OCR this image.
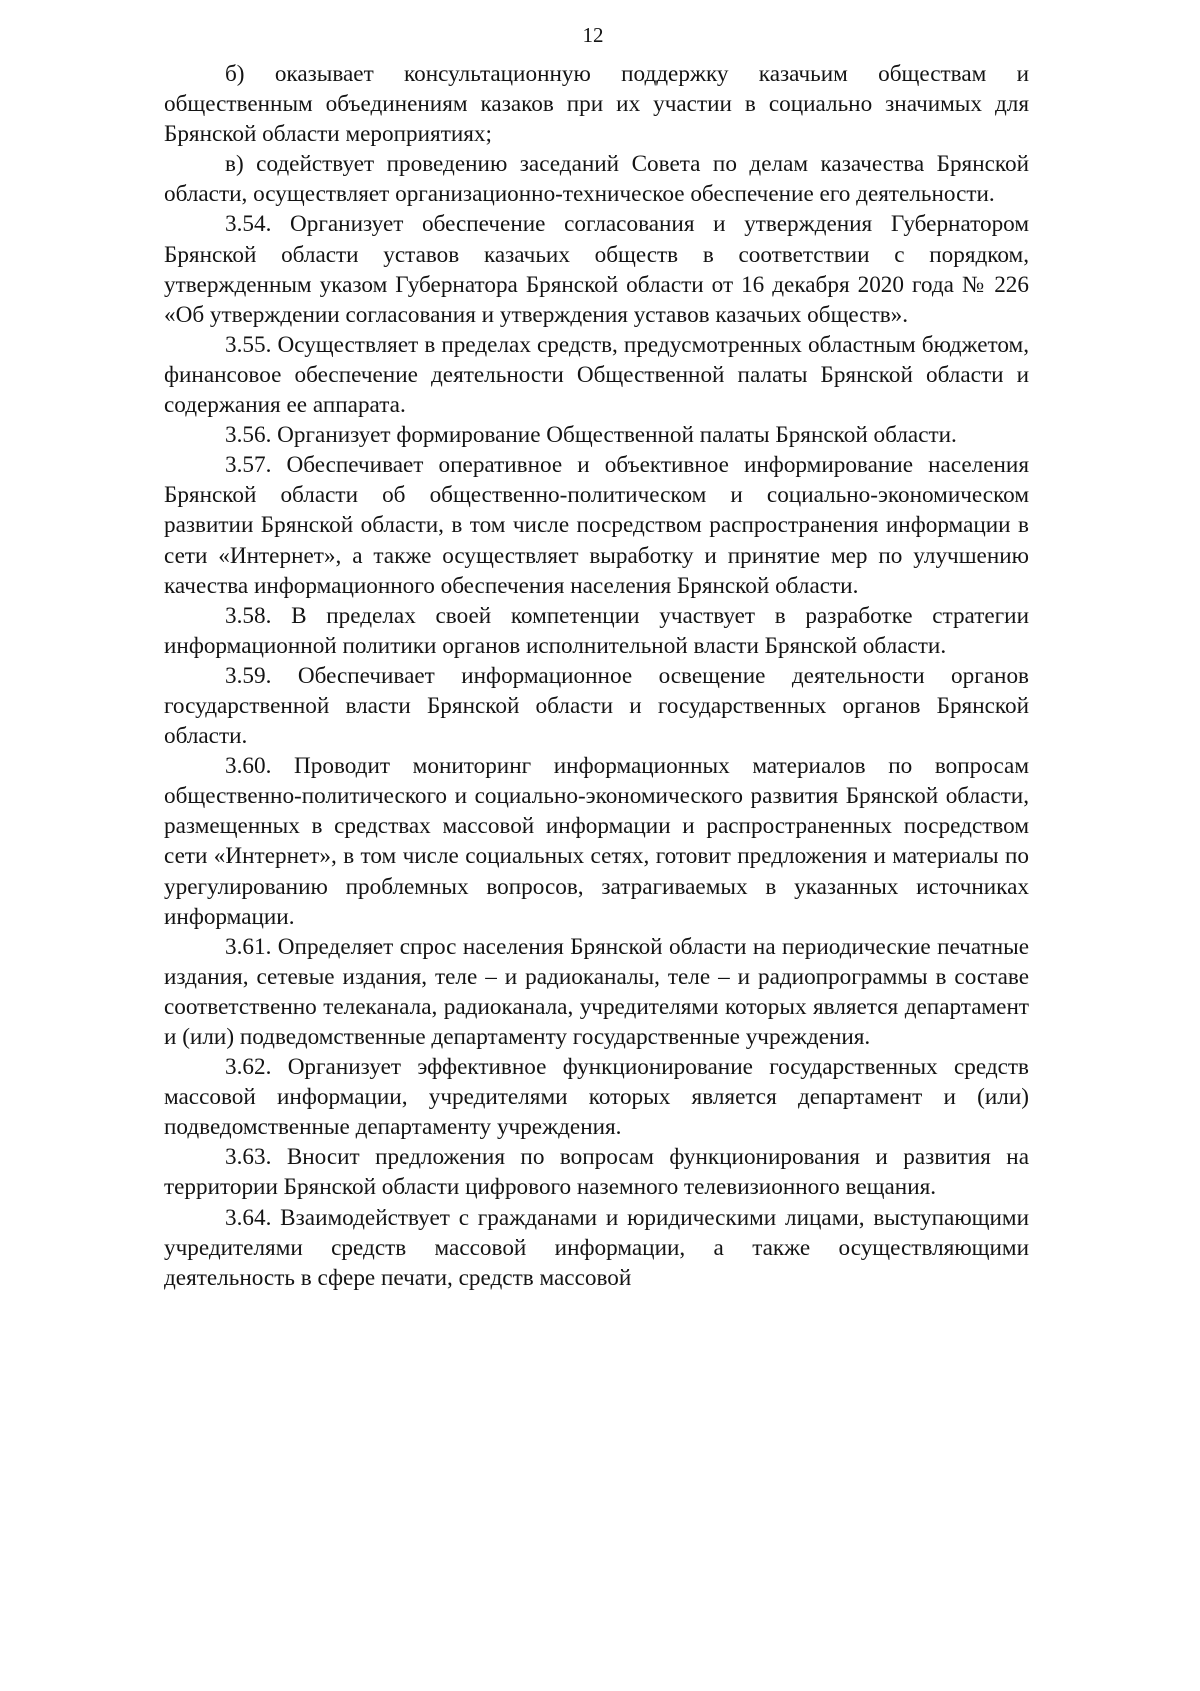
12

б) оказывает консультационную поддержку казачьим обществам и общественным объединениям казаков при их участии в социально значимых для Брянской области мероприятиях;

в) содействует проведению заседаний Совета по делам казачества Брянской области, осуществляет организационно-техническое обеспечение его деятельности.

3.54. Организует обеспечение согласования и утверждения Губернатором Брянской области уставов казачьих обществ в соответствии с порядком, утвержденным указом Губернатора Брянской области от 16 декабря 2020 года № 226 «Об утверждении согласования и утверждения уставов казачьих обществ».

3.55. Осуществляет в пределах средств, предусмотренных областным бюджетом, финансовое обеспечение деятельности Общественной палаты Брянской области и содержания ее аппарата.

3.56. Организует формирование Общественной палаты Брянской области.

3.57. Обеспечивает оперативное и объективное информирование населения Брянской области об общественно-политическом и социально-экономическом развитии Брянской области, в том числе посредством распространения информации в сети «Интернет», а также осуществляет выработку и принятие мер по улучшению качества информационного обеспечения населения Брянской области.

3.58. В пределах своей компетенции участвует в разработке стратегии информационной политики органов исполнительной власти Брянской области.

3.59. Обеспечивает информационное освещение деятельности органов государственной власти Брянской области и государственных органов Брянской области.

3.60. Проводит мониторинг информационных материалов по вопросам общественно-политического и социально-экономического развития Брянской области, размещенных в средствах массовой информации и распространенных посредством сети «Интернет», в том числе социальных сетях, готовит предложения и материалы по урегулированию проблемных вопросов, затрагиваемых в указанных источниках информации.

3.61. Определяет спрос населения Брянской области на периодические печатные издания, сетевые издания, теле – и радиоканалы, теле – и радиопрограммы в составе соответственно телеканала, радиоканала, учредителями которых является департамент и (или) подведомственные департаменту государственные учреждения.

3.62. Организует эффективное функционирование государственных средств массовой информации, учредителями которых является департамент и (или) подведомственные департаменту учреждения.

3.63. Вносит предложения по вопросам функционирования и развития на территории Брянской области цифрового наземного телевизионного вещания.

3.64. Взаимодействует с гражданами и юридическими лицами, выступающими учредителями средств массовой информации, а также осуществляющими деятельность в сфере печати, средств массовой
